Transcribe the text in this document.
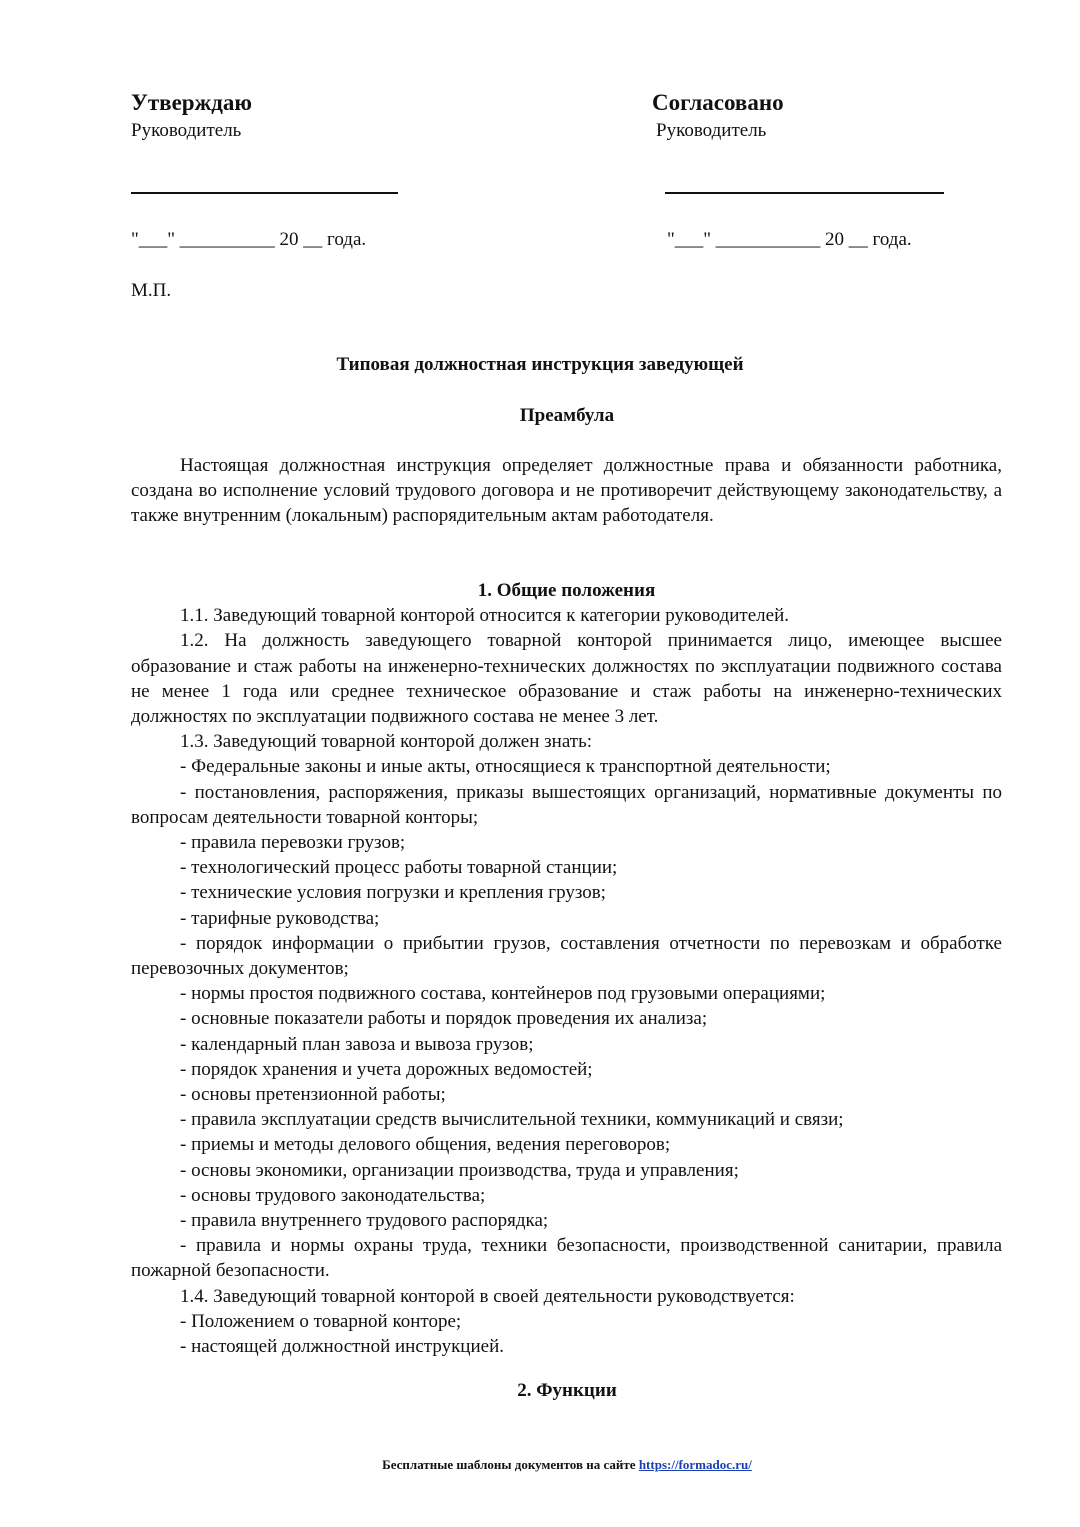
Утверждаю
Руководитель
"___" __________ 20 __ года.
Согласовано
Руководитель
"___" ___________ 20 __ года.
М.П.
Типовая должностная инструкция заведующей
Преамбула

Настоящая должностная инструкция определяет должностные права и обязанности работника, создана во исполнение условий трудового договора и не противоречит действующему законодательству, а также внутренним (локальным) распорядительным актам работодателя.

1. Общие положения

1.1. Заведующий товарной конторой относится к категории руководителей.

1.2. На должность заведующего товарной конторой принимается лицо, имеющее высшее образование и стаж работы на инженерно-технических должностях по эксплуатации подвижного состава не менее 1 года или среднее техническое образование и стаж работы на инженерно-технических должностях по эксплуатации подвижного состава не менее 3 лет.

1.3. Заведующий товарной конторой должен знать:

- Федеральные законы и иные акты, относящиеся к транспортной деятельности;

- постановления, распоряжения, приказы вышестоящих организаций, нормативные документы по вопросам деятельности товарной конторы;

- правила перевозки грузов;

- технологический процесс работы товарной станции;

- технические условия погрузки и крепления грузов;

- тарифные руководства;

- порядок информации о прибытии грузов, составления отчетности по перевозкам и обработке перевозочных документов;

- нормы простоя подвижного состава, контейнеров под грузовыми операциями;

- основные показатели работы и порядок проведения их анализа;

- календарный план завоза и вывоза грузов;

- порядок хранения и учета дорожных ведомостей;

- основы претензионной работы;

- правила эксплуатации средств вычислительной техники, коммуникаций и связи;

- приемы и методы делового общения, ведения переговоров;

- основы экономики, организации производства, труда и управления;

- основы трудового законодательства;

- правила внутреннего трудового распорядка;

- правила и нормы охраны труда, техники безопасности, производственной санитарии, правила пожарной безопасности.

1.4. Заведующий товарной конторой в своей деятельности руководствуется:

- Положением о товарной конторе;

- настоящей должностной инструкцией.

2. Функции
Бесплатные шаблоны документов на сайте https://formadoc.ru/
